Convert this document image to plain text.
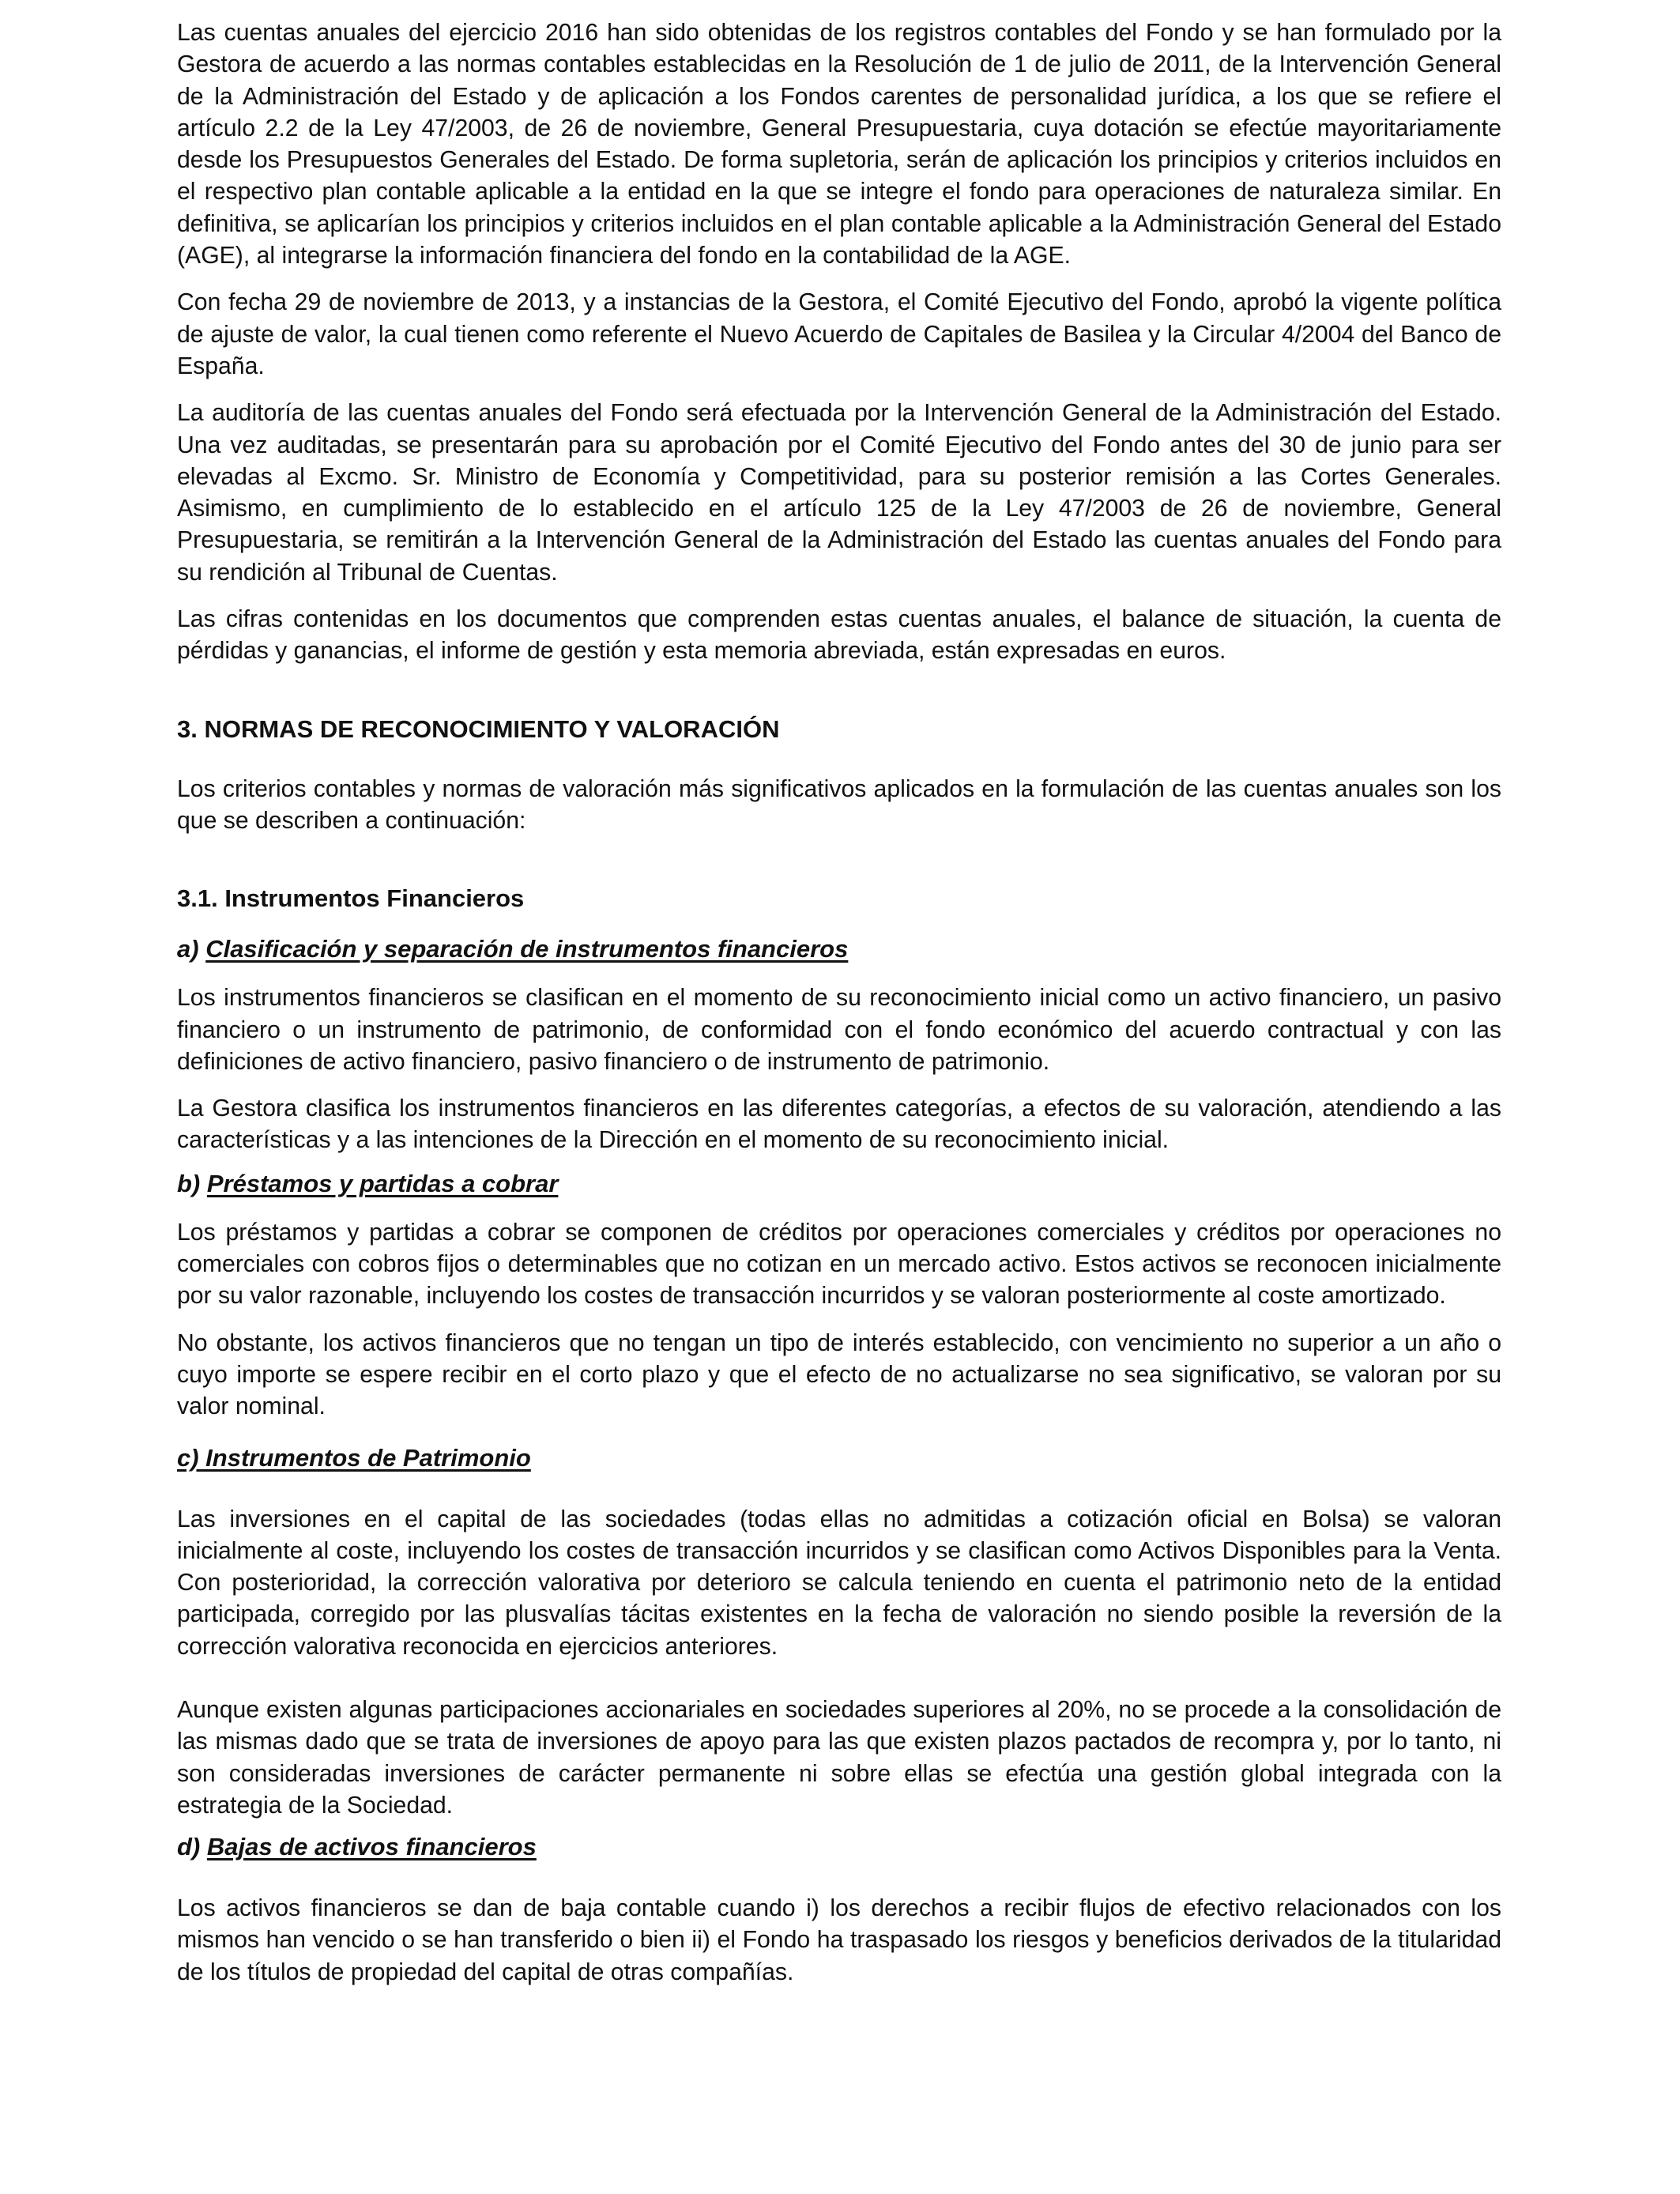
Las cuentas anuales del ejercicio 2016 han sido obtenidas de los registros contables del Fondo y se han formulado por la Gestora de acuerdo a las normas contables establecidas en la Resolución de 1 de julio de 2011, de la Intervención General de la Administración del Estado y de aplicación a los Fondos carentes de personalidad jurídica, a los que se refiere el artículo 2.2 de la Ley 47/2003, de 26 de noviembre, General Presupuestaria, cuya dotación se efectúe mayoritariamente desde los Presupuestos Generales del Estado. De forma supletoria, serán de aplicación los principios y criterios incluidos en el respectivo plan contable aplicable a la entidad en la que se integre el fondo para operaciones de naturaleza similar. En definitiva, se aplicarían los principios y criterios incluidos en el plan contable aplicable a la Administración General del Estado (AGE), al integrarse la información financiera del fondo en la contabilidad de la AGE.

Con fecha 29 de noviembre de 2013, y a instancias de la Gestora, el Comité Ejecutivo del Fondo, aprobó la vigente política de ajuste de valor, la cual tienen como referente el Nuevo Acuerdo de Capitales de Basilea y la Circular 4/2004 del Banco de España.

La auditoría de las cuentas anuales del Fondo será efectuada por la Intervención General de la Administración del Estado. Una vez auditadas, se presentarán para su aprobación por el Comité Ejecutivo del Fondo antes del 30 de junio para ser elevadas al Excmo. Sr. Ministro de Economía y Competitividad, para su posterior remisión a las Cortes Generales. Asimismo, en cumplimiento de lo establecido en el artículo 125 de la Ley 47/2003 de 26 de noviembre, General Presupuestaria, se remitirán a la Intervención General de la Administración del Estado las cuentas anuales del Fondo para su rendición al Tribunal de Cuentas.

Las cifras contenidas en los documentos que comprenden estas cuentas anuales, el balance de situación, la cuenta de pérdidas y ganancias, el informe de gestión y esta memoria abreviada, están expresadas en euros.

3. NORMAS DE RECONOCIMIENTO Y VALORACIÓN

Los criterios contables y normas de valoración más significativos aplicados en la formulación de las cuentas anuales son los que se describen a continuación:

3.1. Instrumentos Financieros
a) Clasificación y separación de instrumentos financieros

Los instrumentos financieros se clasifican en el momento de su reconocimiento inicial como un activo financiero, un pasivo financiero o un instrumento de patrimonio, de conformidad con el fondo económico del acuerdo contractual y con las definiciones de activo financiero, pasivo financiero o de instrumento de patrimonio.

La Gestora clasifica los instrumentos financieros en las diferentes categorías, a efectos de su valoración, atendiendo a las características y a las intenciones de la Dirección en el momento de su reconocimiento inicial.

b) Préstamos y partidas a cobrar

Los préstamos y partidas a cobrar se componen de créditos por operaciones comerciales y créditos por operaciones no comerciales con cobros fijos o determinables que no cotizan en un mercado activo. Estos activos se reconocen inicialmente por su valor razonable, incluyendo los costes de transacción incurridos y se valoran posteriormente al coste amortizado.

No obstante, los activos financieros que no tengan un tipo de interés establecido, con vencimiento no superior a un año o cuyo importe se espere recibir en el corto plazo y que el efecto de no actualizarse no sea significativo, se valoran por su valor nominal.

c) Instrumentos de Patrimonio

Las inversiones en el capital de las sociedades (todas ellas no admitidas a cotización oficial en Bolsa) se valoran inicialmente al coste, incluyendo los costes de transacción incurridos y se clasifican como Activos Disponibles para la Venta. Con posterioridad, la corrección valorativa por deterioro se calcula teniendo en cuenta el patrimonio neto de la entidad participada, corregido por las plusvalías tácitas existentes en la fecha de valoración no siendo posible la reversión de la corrección valorativa reconocida en ejercicios anteriores.

Aunque existen algunas participaciones accionariales en sociedades superiores al 20%, no se procede a la consolidación de las mismas dado que se trata de inversiones de apoyo para las que existen plazos pactados de recompra y, por lo tanto, ni son consideradas inversiones de carácter permanente ni sobre ellas se efectúa una gestión global integrada con la estrategia de la Sociedad.

d) Bajas de activos financieros

Los activos financieros se dan de baja contable cuando i) los derechos a recibir flujos de efectivo relacionados con los mismos han vencido o se han transferido o bien ii) el Fondo ha traspasado los riesgos y beneficios derivados de la titularidad de los títulos de propiedad del capital de otras compañías.
